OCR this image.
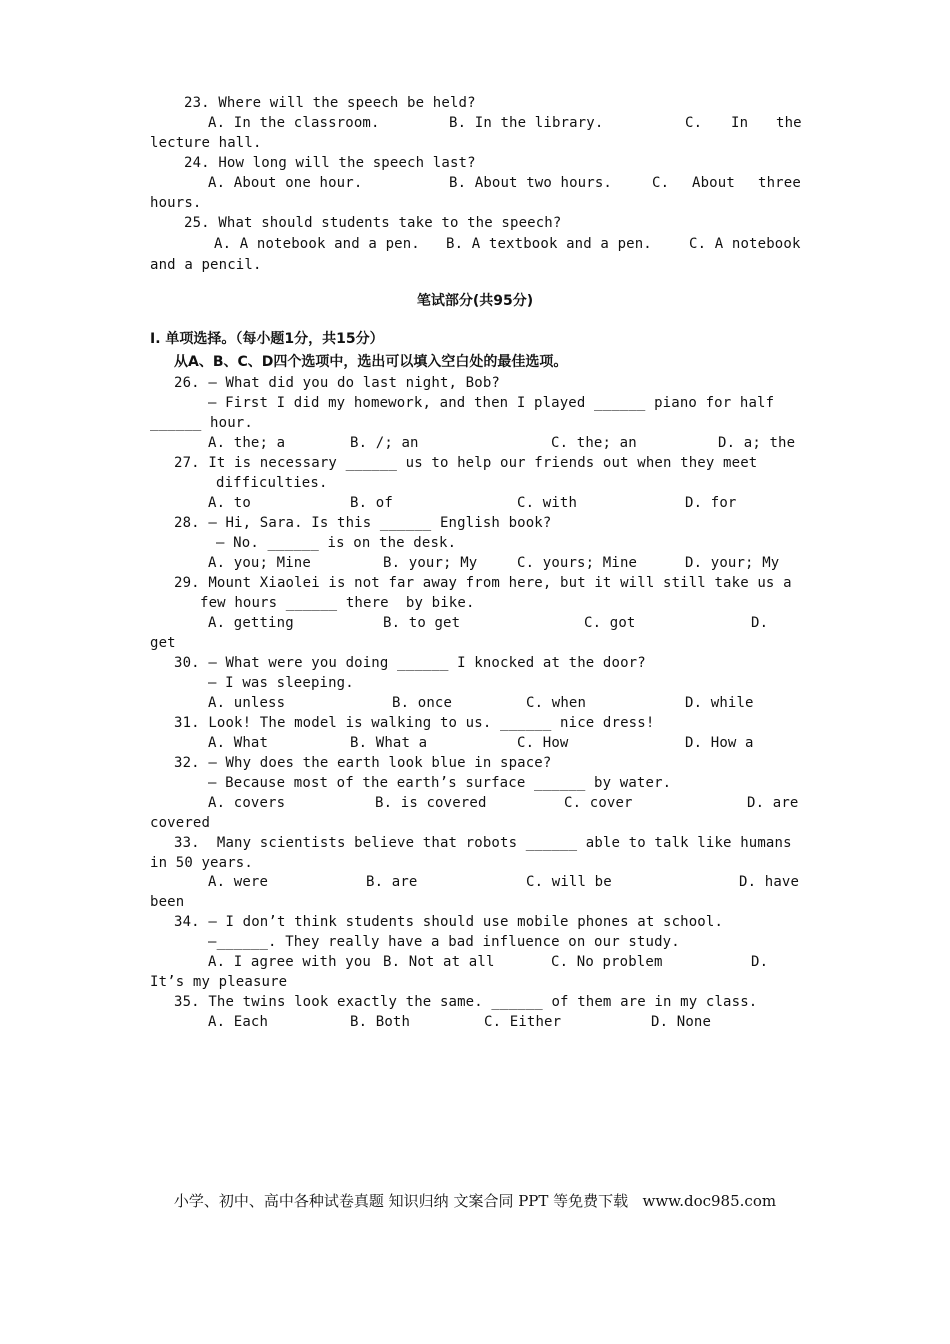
23. Where will the speech be held?
A. In the classroom.	B. In the library.	C. In the
lecture hall.
24. How long will the speech last?
A. About one hour.	B. About two hours.	C. About three
hours.
25. What should students take to the speech?
A. A notebook and a pen. B. A textbook and a pen.	C. A notebook
and a pencil.
笔试部分(共95分)
I. 单项选择。（每小题1分，共15分）
从A、B、C、D四个选项中，选出可以填入空白处的最佳选项。
26. — What did you do last night, Bob?
— First I did my homework, and then I played ______ piano for half
______ hour.
A. the; a	B. /; an	C. the; an	D. a; the
27. It is necessary ______ us to help our friends out when they meet
difficulties.
A. to	B. of	C. with	D. for
28. — Hi, Sara. Is this ______ English book?
— No. ______ is on the desk.
A. you; Mine	B. your; My	C. yours; Mine	D. your; My
29. Mount Xiaolei is not far away from here, but it will still take us a
few hours ______ there  by bike.
A. getting	B. to get	C. got	D.
get
30. — What were you doing ______ I knocked at the door?
— I was sleeping.
A. unless	B. once	C. when	D. while
31. Look! The model is walking to us. ______ nice dress!
A. What	B. What a	C. How	D. How a
32. — Why does the earth look blue in space?
— Because most of the earth’s surface ______ by water.
A. covers	B. is covered	C. cover	D. are
covered
33.  Many scientists believe that robots ______ able to talk like humans
in 50 years.
A. were	B. are	C. will be	D. have
been
34. — I don’t think students should use mobile phones at school.
—______. They really have a bad influence on our study.
A. I agree with you B. Not at all	C. No problem	D.
It’s my pleasure
35. The twins look exactly the same. ______ of them are in my class.
A. Each	B. Both	C. Either	D. None
小学、初中、高中各种试卷真题 知识归纳 文案合同 PPT 等免费下载   www.doc985.com
